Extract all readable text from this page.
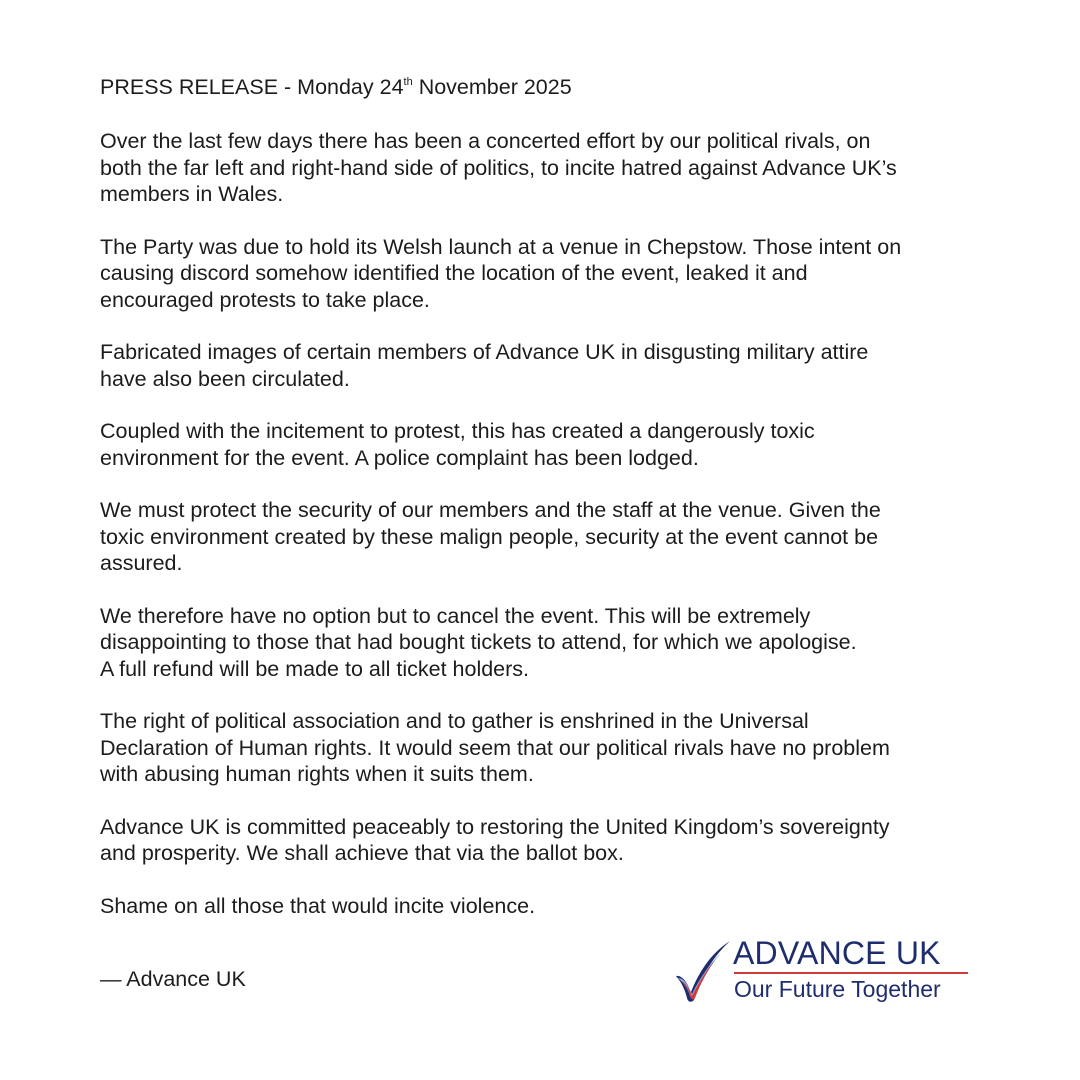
PRESS RELEASE - Monday 24th November 2025
Over the last few days there has been a concerted effort by our political rivals, on
both the far left and right-hand side of politics, to incite hatred against Advance UK’s
members in Wales.
The Party was due to hold its Welsh launch at a venue in Chepstow. Those intent on
causing discord somehow identified the location of the event, leaked it and
encouraged protests to take place.
Fabricated images of certain members of Advance UK in disgusting military attire
have also been circulated.
Coupled with the incitement to protest, this has created a dangerously toxic
environment for the event. A police complaint has been lodged.
We must protect the security of our members and the staff at the venue. Given the
toxic environment created by these malign people, security at the event cannot be
assured.
We therefore have no option but to cancel the event. This will be extremely
disappointing to those that had bought tickets to attend, for which we apologise.
A full refund will be made to all ticket holders.
The right of political association and to gather is enshrined in the Universal
Declaration of Human rights. It would seem that our political rivals have no problem
with abusing human rights when it suits them.
Advance UK is committed peaceably to restoring the United Kingdom’s sovereignty
and prosperity. We shall achieve that via the ballot box.
Shame on all those that would incite violence.
— Advance UK
ADVANCE UK
Our Future Together
